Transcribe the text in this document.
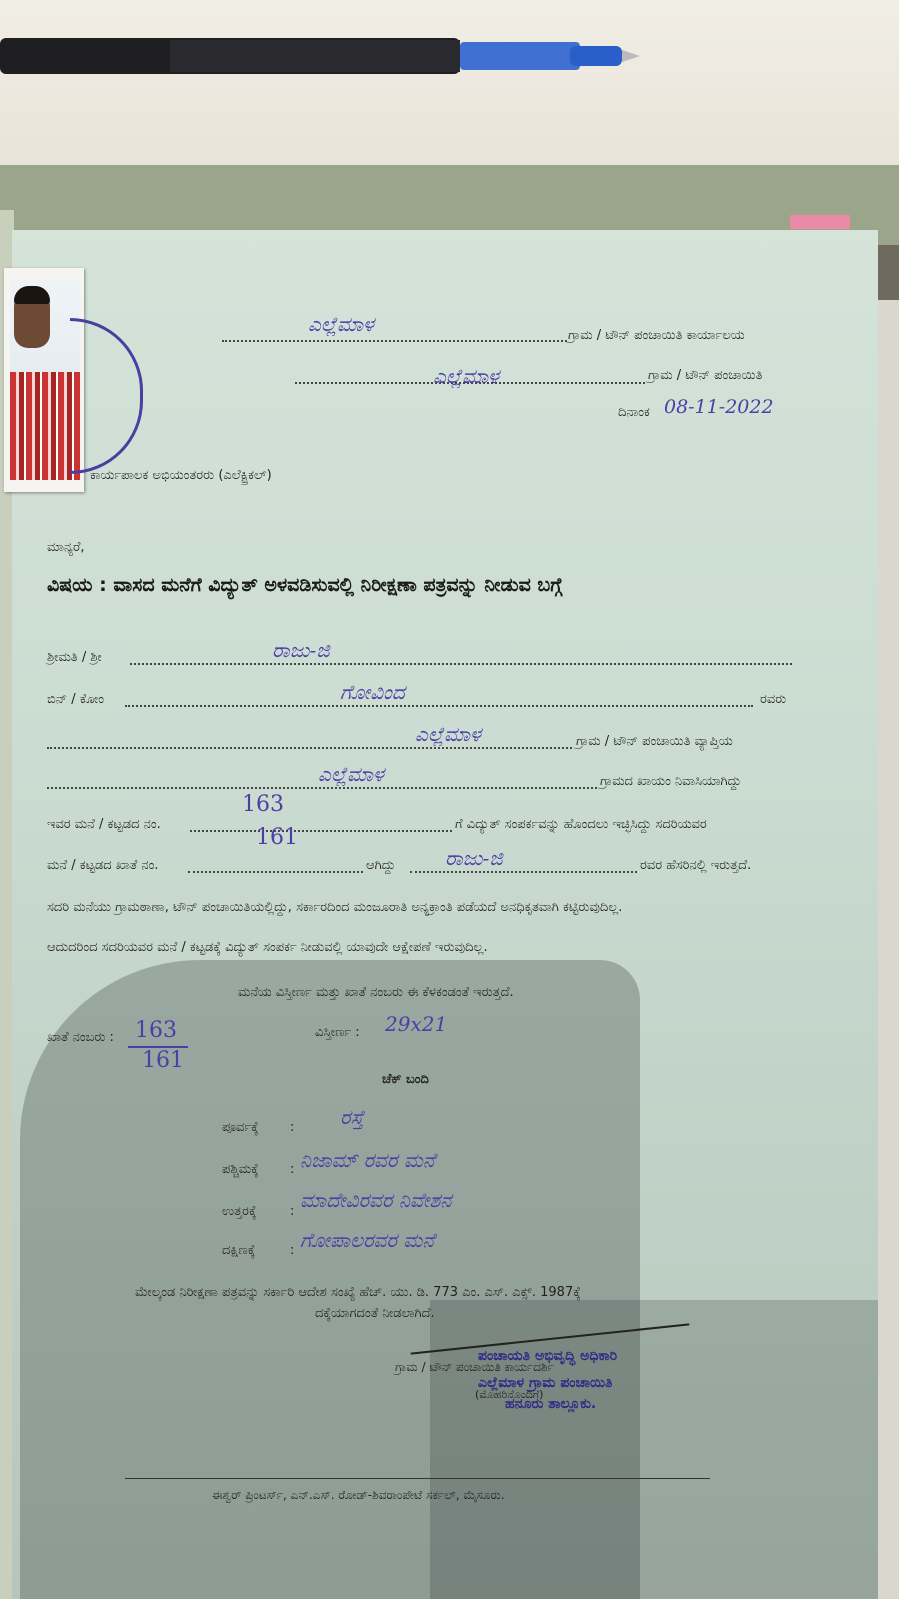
ಎಲ್ಲೆಮಾಳ	ಗ್ರಾಮ / ಟೌನ್ ಪಂಚಾಯಿತಿ ಕಾರ್ಯಾಲಯ
ಎಲ್ಲೆಮಾಳ	ಗ್ರಾಮ / ಟೌನ್ ಪಂಚಾಯಿತಿ
ದಿನಾಂಕ 08-11-2022
ಕಾರ್ಯಪಾಲಕ ಅಭಿಯಂತರರು (ಎಲೆಕ್ಟ್ರಿಕಲ್)
ಮಾನ್ಯರೆ,
ವಿಷಯ : ವಾಸದ ಮನೆಗೆ ವಿದ್ಯುತ್ ಅಳವಡಿಸುವಲ್ಲಿ ನಿರೀಕ್ಷಣಾ ಪತ್ರವನ್ನು ನೀಡುವ ಬಗ್ಗೆ
ಶ್ರೀಮತಿ / ಶ್ರೀ	ರಾಜು-ಜಿ
ಬಿನ್ / ಕೋಂ	ಗೋವಿಂದ	ರವರು
ಎಲ್ಲೆಮಾಳ	ಗ್ರಾಮ / ಟೌನ್ ಪಂಚಾಯಿತಿ ವ್ಯಾಪ್ತಿಯ
ಎಲ್ಲೆಮಾಳ	ಗ್ರಾಮದ ಖಾಯಂ ನಿವಾಸಿಯಾಗಿದ್ದು
ಇವರ ಮನೆ / ಕಟ್ಟಡದ ನಂ.
163
161
ಗೆ ವಿದ್ಯುತ್ ಸಂಪರ್ಕವನ್ನು ಹೊಂದಲು ಇಚ್ಛಿಸಿದ್ದು ಸದರಿಯವರ
ಮನೆ / ಕಟ್ಟಡದ ಖಾತೆ ನಂ.	ಆಗಿದ್ದು ರಾಜು-ಜಿ	ರವರ ಹೆಸರಿನಲ್ಲಿ ಇರುತ್ತದೆ.
ಸದರಿ ಮನೆಯು ಗ್ರಾಮಠಾಣಾ, ಟೌನ್ ಪಂಚಾಯಿತಿಯಲ್ಲಿದ್ದು, ಸರ್ಕಾರದಿಂದ ಮಂಜೂರಾತಿ ಅನ್ಯಕ್ರಾಂತಿ ಪಡೆಯದೆ ಅನಧಿಕೃತವಾಗಿ ಕಟ್ಟಿರುವುದಿಲ್ಲ.
ಆದುದರಿಂದ ಸದರಿಯವರ ಮನೆ / ಕಟ್ಟಡಕ್ಕೆ ವಿದ್ಯುತ್ ಸಂಪರ್ಕ ನೀಡುವಲ್ಲಿ ಯಾವುದೇ ಆಕ್ಷೇಪಣೆ ಇರುವುದಿಲ್ಲ.
ಮನೆಯ ವಿಸ್ತೀರ್ಣ ಮತ್ತು ಖಾತೆ ನಂಬರು ಈ ಕೆಳಕಂಡಂತೆ ಇರುತ್ತದೆ.
ಖಾತೆ ನಂಬರು : 163
161
ವಿಸ್ತೀರ್ಣ : 29x21
ಚೆಕ್ ಬಂದಿ
ಪೂರ್ವಕ್ಕೆ : ರಸ್ತೆ
ಪಶ್ಚಿಮಕ್ಕೆ : ನಿಜಾಮ್ ರವರ ಮನೆ
ಉತ್ತರಕ್ಕೆ	: ಮಾದೇವಿರವರ ನಿವೇಶನ
ದಕ್ಷಿಣಕ್ಕೆ	: ಗೋಪಾಲರವರ ಮನೆ
ಮೇಲ್ಕಂಡ ನಿರೀಕ್ಷಣಾ ಪತ್ರವನ್ನು ಸರ್ಕಾರಿ ಆದೇಶ ಸಂಖ್ಯೆ ಹೆಚ್. ಯು. ಡಿ. 773 ಎಂ. ಎಸ್. ಎಕ್ಸ್. 1987ಕ್ಕೆ
ದಕ್ಕೆಯಾಗದಂತೆ ನೀಡಲಾಗಿದೆ.
ಪಂಚಾಯತಿ ಅಭಿವೃದ್ಧಿ ಅಧಿಕಾರಿ
ಗ್ರಾಮ / ಟೌನ್ ಪಂಚಾಯಿತಿ ಕಾರ್ಯದರ್ಶಿ
ಎಲ್ಲೆಮಾಳ ಗ್ರಾಮ ಪಂಚಾಯಿತಿ
(ಮೊಹರಿನೊಂದಿಗೆ)
ಹನೂರು ತಾಲ್ಲೂಕು.
ಈಶ್ವರ್ ಪ್ರಿಂಟರ್ಸ್, ಎನ್.ಎಸ್. ರೋಡ್-ಶಿವರಾಂಪೇಟೆ ಸರ್ಕಲ್, ಮೈಸೂರು.
